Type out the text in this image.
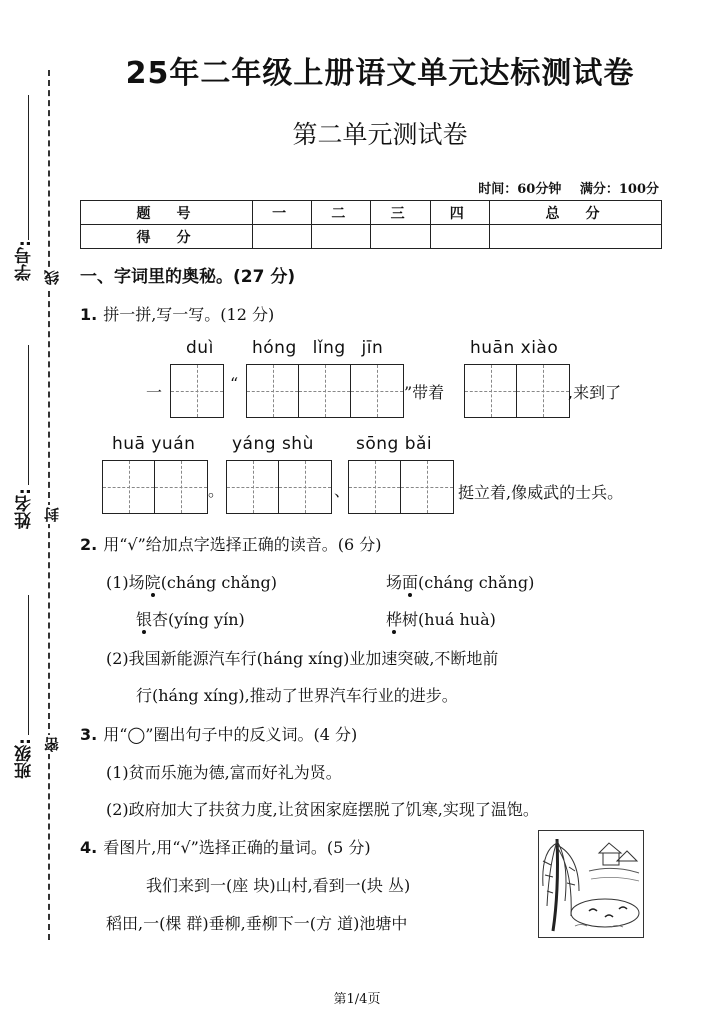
学号: 线
姓名: 封
班级: 密
25年二年级上册语文单元达标测试卷
第二单元测试卷
时间：60分钟 满分：100分
题　号	一	二	三	四	总　分
得　分					
一、字词里的奥秘。(27 分)
1. 拼一拼,写一写。(12 分)
duì hóng lǐng jīn	huān xiào
一	“	”带着	,来到了
huā yuán yáng shù sōng bǎi
。	、	挺立着,像威武的士兵。
2. 用“√”给加点字选择正确的读音。(6 分)
(1)场院(cháng chǎng)	场面(cháng chǎng)
银杏(yíng yín)	桦树(huá huà)
(2)我国新能源汽车行(háng xíng)业加速突破,不断地前
行(háng xíng),推动了世界汽车行业的进步。
3. 用“◯”圈出句子中的反义词。(4 分)
(1)贫而乐施为德,富而好礼为贤。
(2)政府加大了扶贫力度,让贫困家庭摆脱了饥寒,实现了温饱。
4. 看图片,用“√”选择正确的量词。(5 分)
我们来到一(座 块)山村,看到一(块 丛)
稻田,一(棵 群)垂柳,垂柳下一(方 道)池塘中
第1/4页
